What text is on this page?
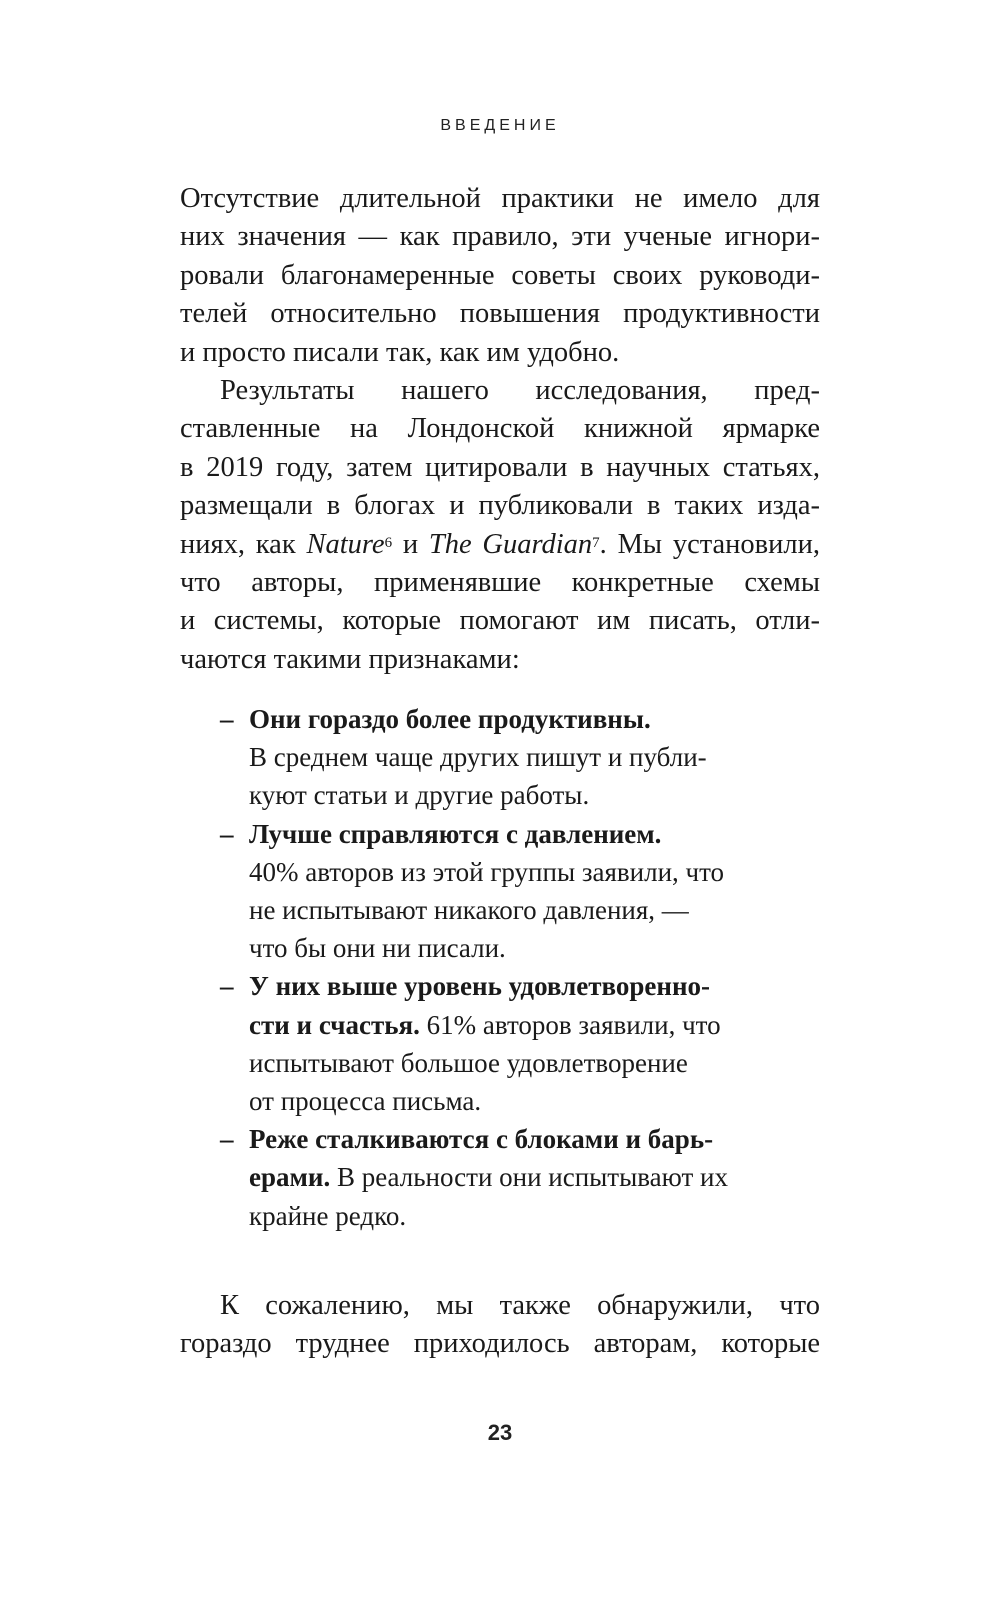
ВВЕДЕНИЕ
Отсутствие длительной практики не имело для
них значения — как правило, эти ученые игнори-
ровали благонамеренные советы своих руководи-
телей относительно повышения продуктивности
и просто писали так, как им удобно.
Результаты нашего исследования, пред-
ставленные на Лондонской книжной ярмарке
в 2019 году, затем цитировали в научных статьях,
размещали в блогах и публиковали в таких изда-
ниях, как Nature$^6$ и The Guardian$^7$. Мы установили,
что авторы, применявшие конкретные схемы
и системы, которые помогают им писать, отли-
чаются такими признаками:
– Они гораздо более продуктивны.
В среднем чаще других пишут и публи-
куют статьи и другие работы.
– Лучше справляются с давлением.
40% авторов из этой группы заявили, что
не испытывают никакого давления, —
что бы они ни писали.
– У них выше уровень удовлетворенно-
сти и счастья. 61% авторов заявили, что
испытывают большое удовлетворение
от процесса письма.
– Реже сталкиваются с блоками и барь-
ерами. В реальности они испытывают их
крайне редко.
К сожалению, мы также обнаружили, что
гораздо труднее приходилось авторам, которые
23
